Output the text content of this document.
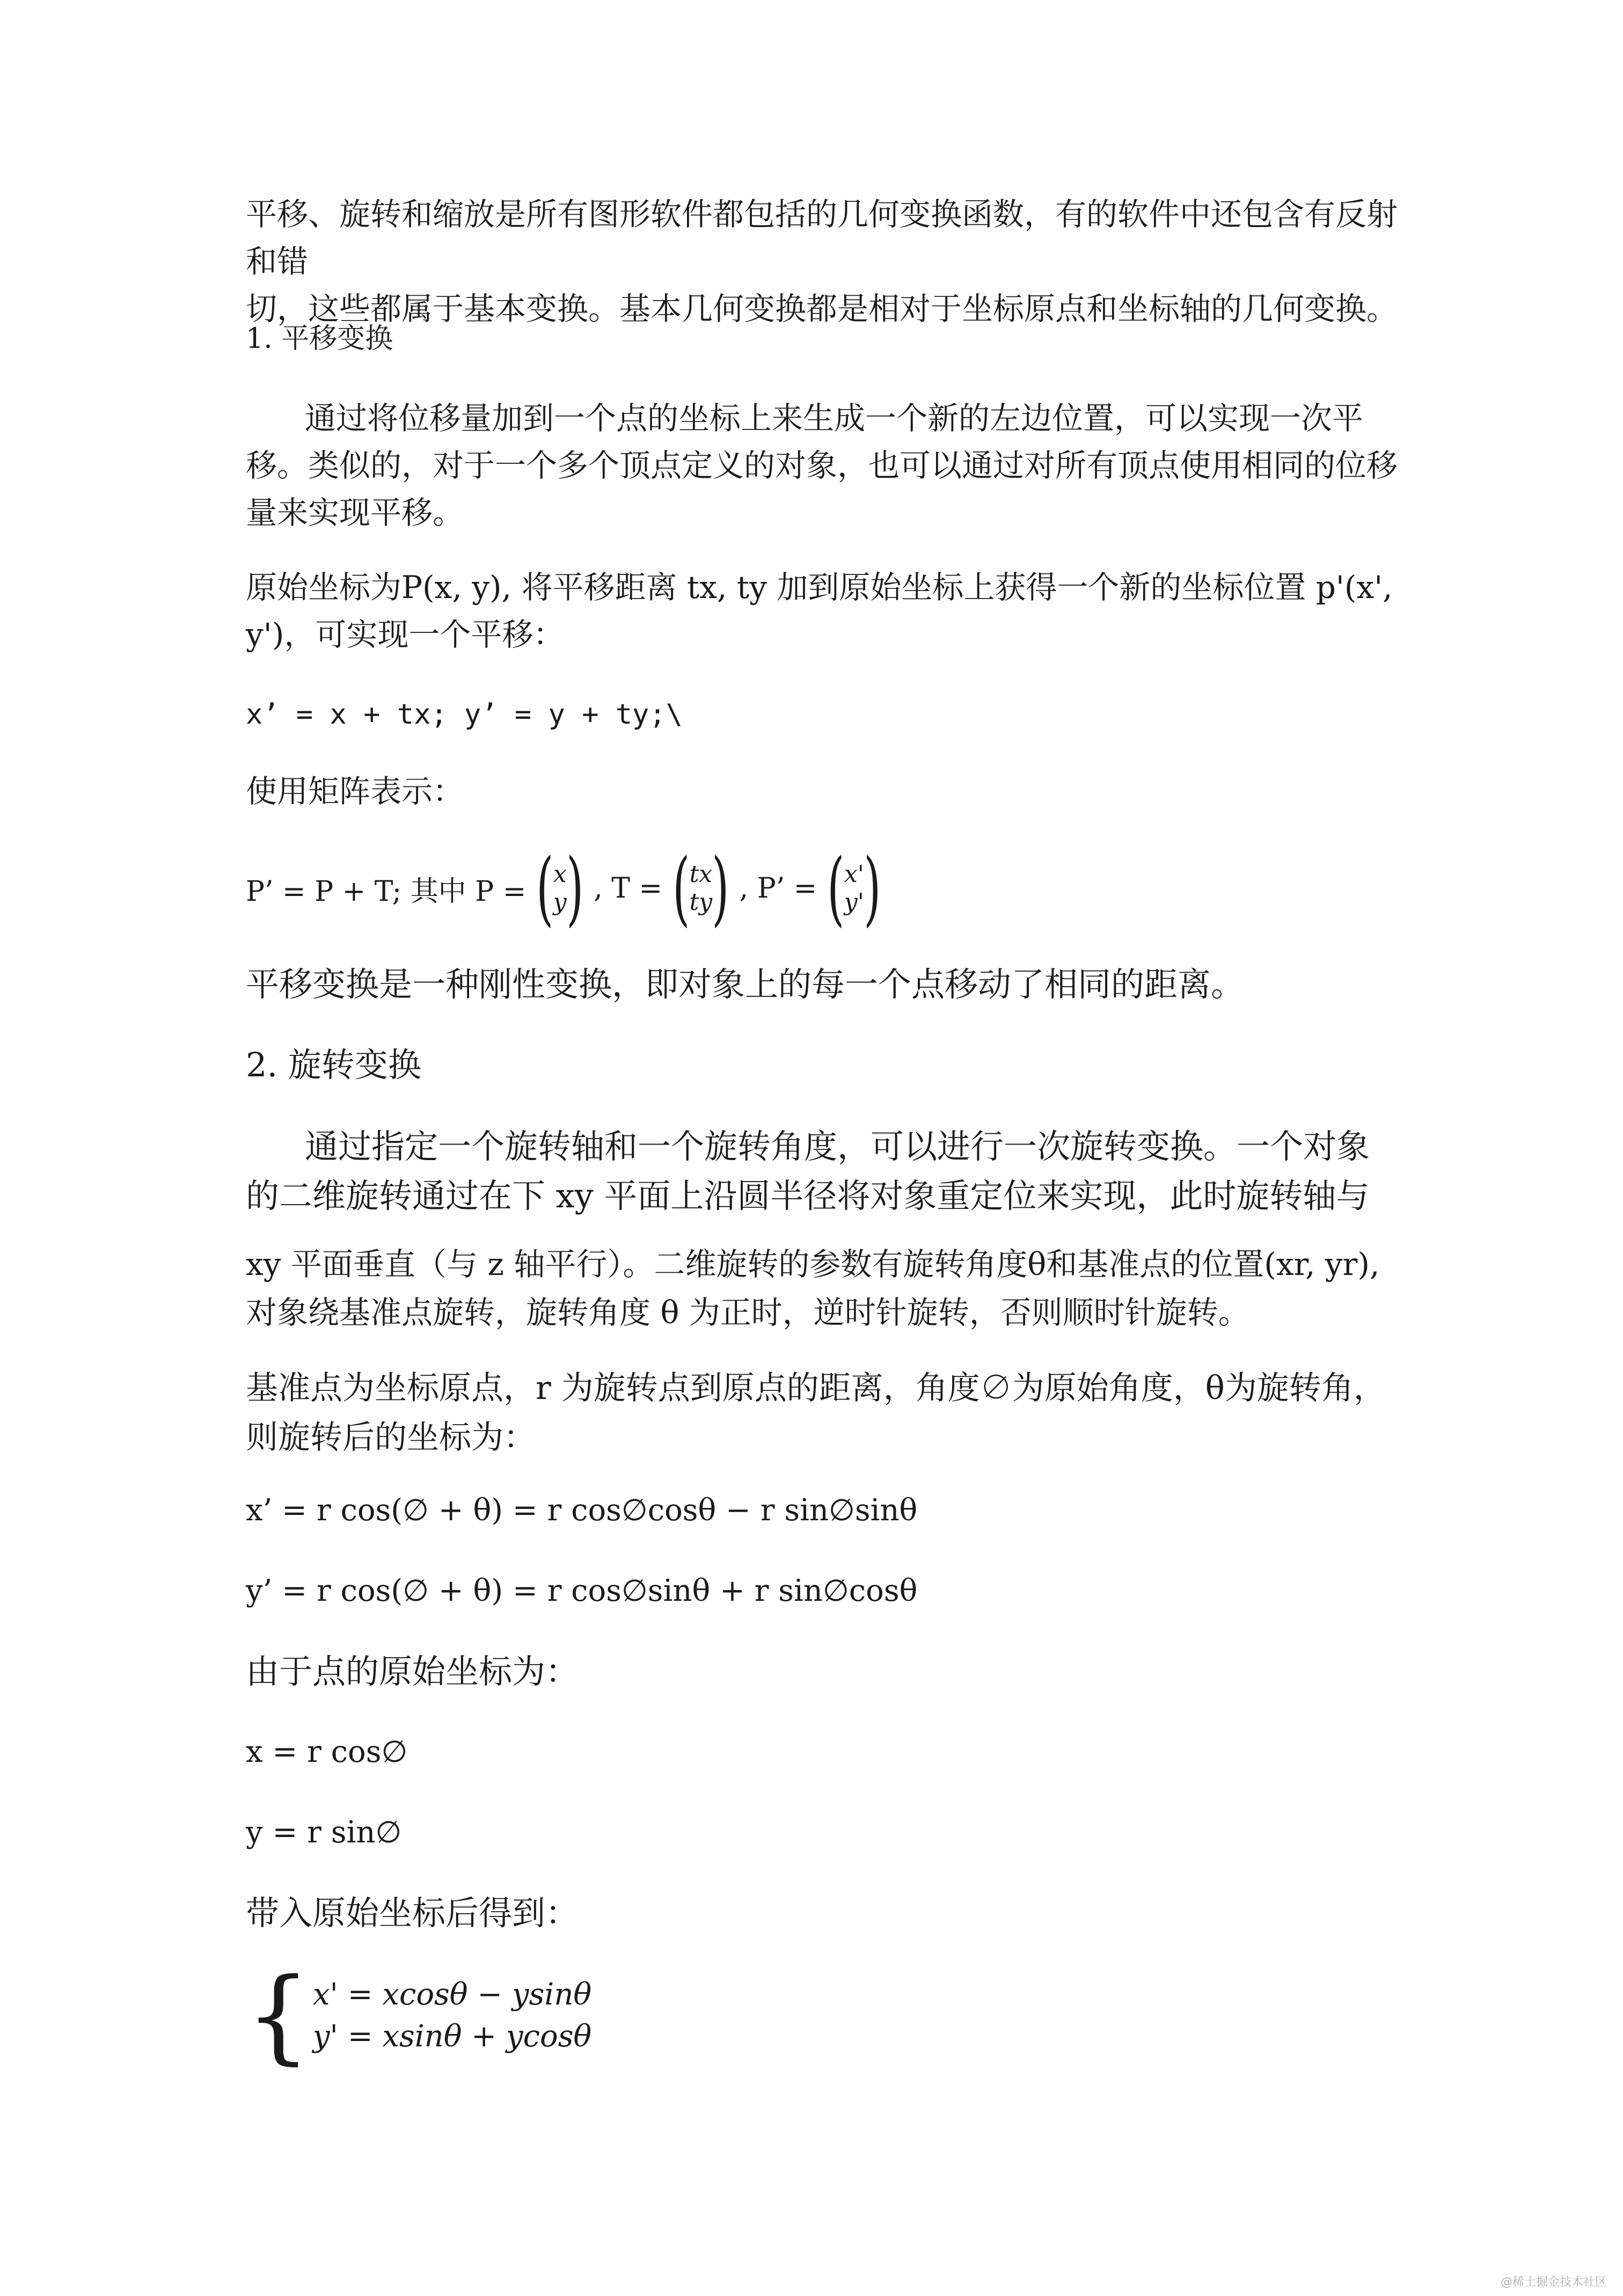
平移、旋转和缩放是所有图形软件都包括的几何变换函数，有的软件中还包含有反射和错

切，这些都属于基本变换。基本几何变换都是相对于坐标原点和坐标轴的几何变换。

1. 平移变换

通过将位移量加到一个点的坐标上来生成一个新的左边位置，可以实现一次平移。类似的，对于一个多个顶点定义的对象，也可以通过对所有顶点使用相同的位移量来实现平移。

原始坐标为P(x, y), 将平移距离 tx, ty 加到原始坐标上获得一个新的坐标位置 p'(x', y')，可实现一个平移：

x’ = x + tx; y’ = y + ty;\

使用矩阵表示：

P’ = P + T; 其中 P = ( x
y ) , T = ( tx
ty ) , P’ = ( x'
y' )

平移变换是一种刚性变换，即对象上的每一个点移动了相同的距离。

2. 旋转变换

通过指定一个旋转轴和一个旋转角度，可以进行一次旋转变换。一个对象

的二维旋转通过在下 xy 平面上沿圆半径将对象重定位来实现，此时旋转轴与

xy 平面垂直（与 z 轴平行）。二维旋转的参数有旋转角度θ和基准点的位置(xr, yr),对象绕基准点旋转，旋转角度 θ 为正时，逆时针旋转，否则顺时针旋转。

基准点为坐标原点，r 为旋转点到原点的距离，角度∅为原始角度，θ为旋转角，则旋转后的坐标为：

x’ = r cos(∅ + θ) = r cos∅cosθ − r sin∅sinθ

y’ = r cos(∅ + θ) = r cos∅sinθ + r sin∅cosθ

由于点的原始坐标为：

x = r cos∅

y = r sin∅

带入原始坐标后得到：

{ x' = xcosθ − ysinθ
y' = xsinθ + ycosθ
@稀土掘金技术社区
